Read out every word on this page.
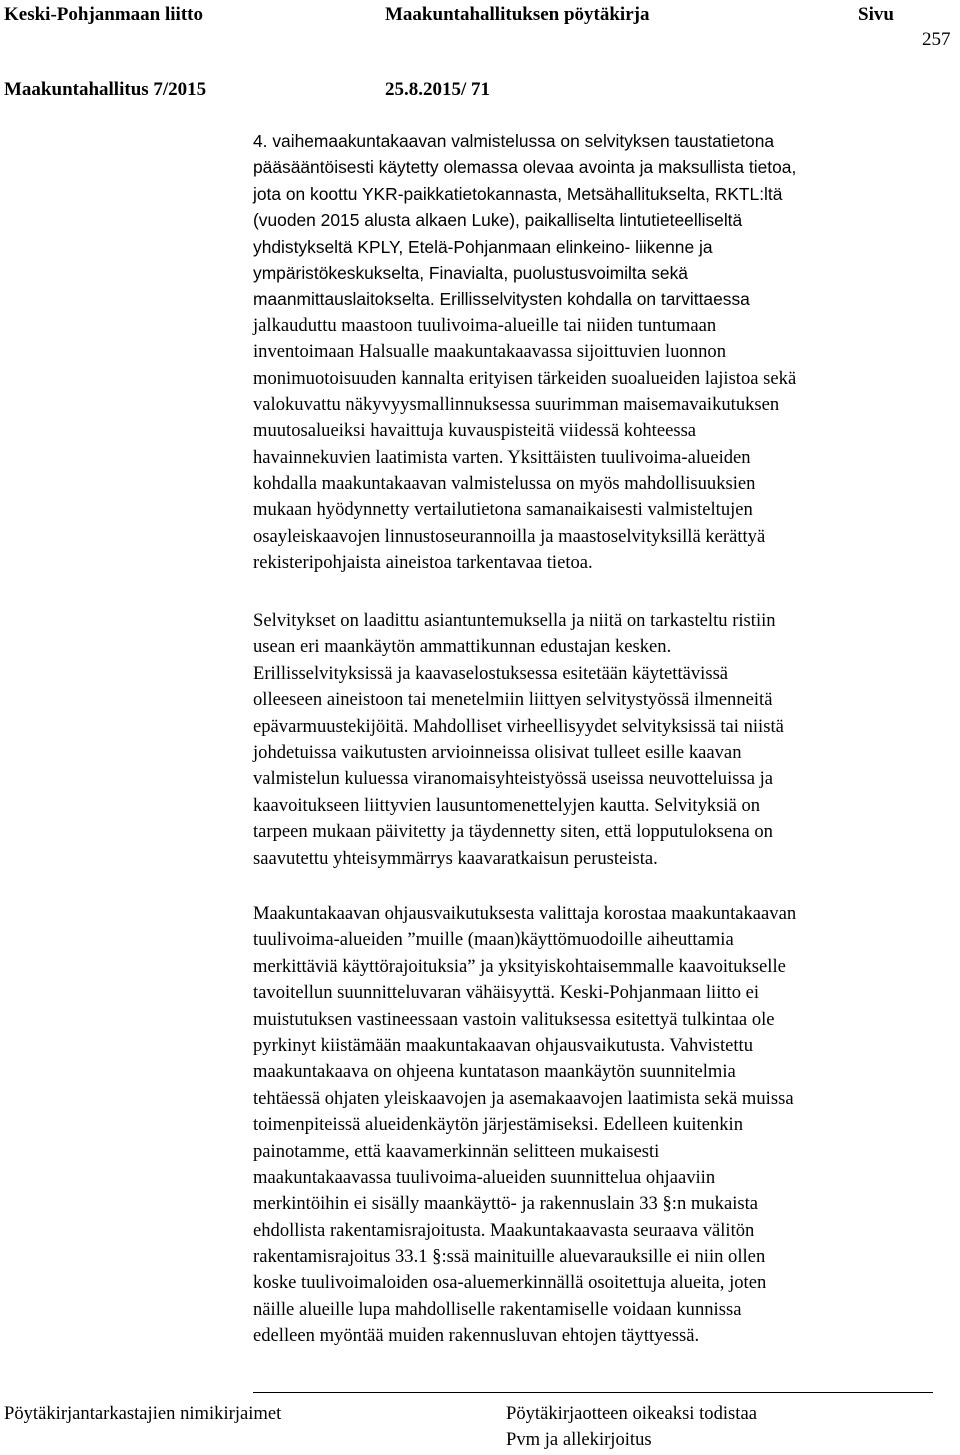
Keski-Pohjanmaan liitto	Maakuntahallituksen pöytäkirja	Sivu
257
Maakuntahallitus 7/2015	25.8.2015/ 71
4. vaihemaakuntakaavan valmistelussa on selvityksen taustatietona
pääsääntöisesti käytetty olemassa olevaa avointa ja maksullista tietoa,
jota on koottu YKR-paikkatietokannasta, Metsähallitukselta, RKTL:ltä
(vuoden 2015 alusta alkaen Luke), paikalliselta lintutieteelliseltä
yhdistykseltä KPLY, Etelä-Pohjanmaan elinkeino- liikenne ja
ympäristökeskukselta, Finavialta, puolustusvoimilta sekä
maanmittauslaitokselta. Erillisselvitysten kohdalla on tarvittaessa
jalkauduttu maastoon tuulivoima-alueille tai niiden tuntumaan
inventoimaan Halsualle maakuntakaavassa sijoittuvien luonnon
monimuotoisuuden kannalta erityisen tärkeiden suoalueiden lajistoa sekä
valokuvattu näkyvyysmallinnuksessa suurimman maisemavaikutuksen
muutosalueiksi havaittuja kuvauspisteitä viidessä kohteessa
havainnekuvien laatimista varten. Yksittäisten tuulivoima-alueiden
kohdalla maakuntakaavan valmistelussa on myös mahdollisuuksien
mukaan hyödynnetty vertailutietona samanaikaisesti valmisteltujen
osayleiskaavojen linnustoseurannoilla ja maastoselvityksillä kerättyä
rekisteripohjaista aineistoa tarkentavaa tietoa.
Selvitykset on laadittu asiantuntemuksella ja niitä on tarkasteltu ristiin
usean eri maankäytön ammattikunnan edustajan kesken.
Erillisselvityksissä ja kaavaselostuksessa esitetään käytettävissä
olleeseen aineistoon tai menetelmiin liittyen selvitystyössä ilmenneitä
epävarmuustekijöitä. Mahdolliset virheellisyydet selvityksissä tai niistä
johdetuissa vaikutusten arvioinneissa olisivat tulleet esille kaavan
valmistelun kuluessa viranomaisyhteistyössä useissa neuvotteluissa ja
kaavoitukseen liittyvien lausuntomenettelyjen kautta. Selvityksiä on
tarpeen mukaan päivitetty ja täydennetty siten, että lopputuloksena on
saavutettu yhteisymmärrys kaavaratkaisun perusteista.
Maakuntakaavan ohjausvaikutuksesta valittaja korostaa maakuntakaavan
tuulivoima-alueiden ”muille (maan)käyttömuodoille aiheuttamia
merkittäviä käyttörajoituksia” ja yksityiskohtaisemmalle kaavoitukselle
tavoitellun suunnitteluvaran vähäisyyttä. Keski-Pohjanmaan liitto ei
muistutuksen vastineessaan vastoin valituksessa esitettyä tulkintaa ole
pyrkinyt kiistämään maakuntakaavan ohjausvaikutusta. Vahvistettu
maakuntakaava on ohjeena kuntatason maankäytön suunnitelmia
tehtäessä ohjaten yleiskaavojen ja asemakaavojen laatimista sekä muissa
toimenpiteissä alueidenkäytön järjestämiseksi. Edelleen kuitenkin
painotamme, että kaavamerkinnän selitteen mukaisesti
maakuntakaavassa tuulivoima-alueiden suunnittelua ohjaaviin
merkintöihin ei sisälly maankäyttö- ja rakennuslain 33 §:n mukaista
ehdollista rakentamisrajoitusta. Maakuntakaavasta seuraava välitön
rakentamisrajoitus 33.1 §:ssä mainituille aluevarauksille ei niin ollen
koske tuulivoimaloiden osa-aluemerkinnällä osoitettuja alueita, joten
näille alueille lupa mahdolliselle rakentamiselle voidaan kunnissa
edelleen myöntää muiden rakennusluvan ehtojen täyttyessä.
Pöytäkirjantarkastajien nimikirjaimet	Pöytäkirjaotteen oikeaksi todistaa
Pvm ja allekirjoitus
